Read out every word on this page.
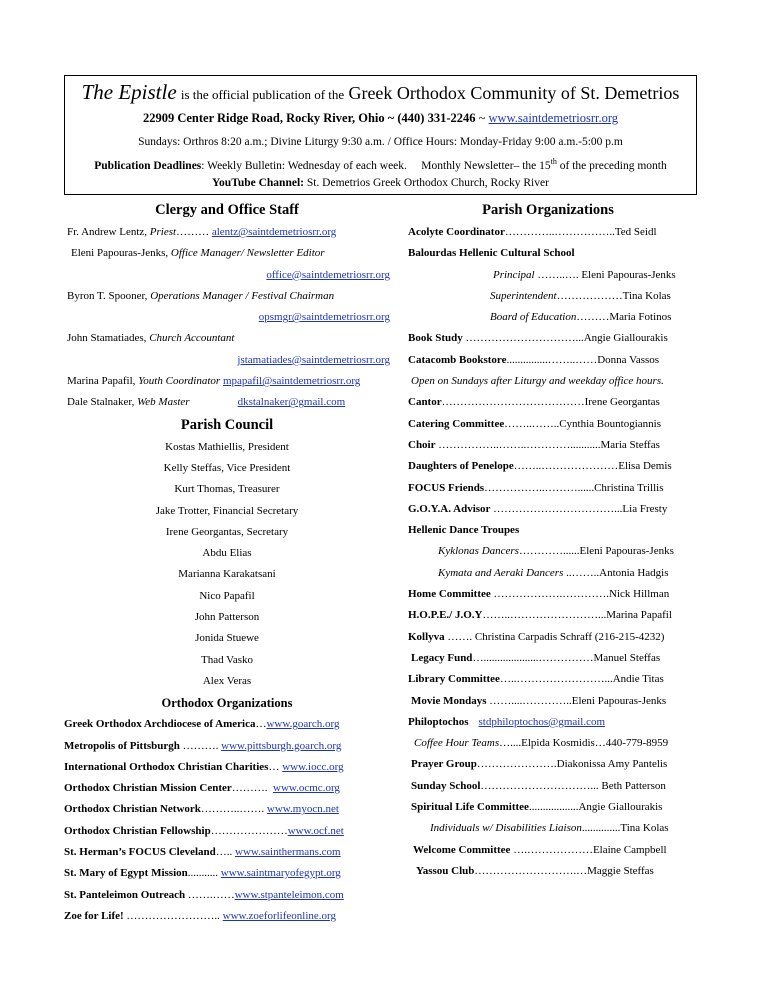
The Epistle is the official publication of the Greek Orthodox Community of St. Demetrios
22909 Center Ridge Road, Rocky River, Ohio ~ (440) 331-2246 ~ www.saintdemetriosrr.org
Sundays: Orthros 8:20 a.m.; Divine Liturgy 9:30 a.m. / Office Hours: Monday-Friday 9:00 a.m.-5:00 p.m
Publication Deadlines: Weekly Bulletin: Wednesday of each week.     Monthly Newsletter– the 15th of the preceding month
YouTube Channel: St. Demetrios Greek Orthodox Church, Rocky River
Clergy and Office Staff
Fr. Andrew Lentz, Priest……… alentz@saintdemetriosrr.org
Eleni Papouras-Jenks, Office Manager/ Newsletter Editor
office@saintdemetriosrr.org
Byron T. Spooner, Operations Manager / Festival Chairman
opsmgr@saintdemetriosrr.org
John Stamatiades, Church Accountant
jstamatiades@saintdemetriosrr.org
Marina Papafil, Youth Coordinator mpapafil@saintdemetriosrr.org
Dale Stalnaker, Web Master	dkstalnaker@gmail.com
Parish Council
Kostas Mathiellis, President
Kelly Steffas, Vice President
Kurt Thomas, Treasurer
Jake Trotter, Financial Secretary
Irene Georgantas, Secretary
Abdu Elias
Marianna Karakatsani
Nico Papafil
John Patterson
Jonida Stuewe
Thad Vasko
Alex Veras
Orthodox Organizations
Greek Orthodox Archdiocese of America…www.goarch.org
Metropolis of Pittsburgh ………. www.pittsburgh.goarch.org
International Orthodox Christian Charities… www.iocc.org
Orthodox Christian Mission Center……….  www.ocmc.org
Orthodox Christian Network………..……. www.myocn.net
Orthodox Christian Fellowship…………………www.ocf.net
St. Herman’s FOCUS Cleveland….. www.sainthermans.com
St. Mary of Egypt Mission........... www.saintmaryofegypt.org
St. Panteleimon Outreach …….……www.stpanteleimon.com
Zoe for Life! …………………….. www.zoeforlifeonline.org
Parish Organizations
Acolyte Coordinator…………..……………..Ted Seidl
Balourdas Hellenic Cultural School
Principal ……..…. Eleni Papouras-Jenks
Superintendent………………Tina Kolas
Board of Education………Maria Fotinos
Book Study …………………………...Angie Giallourakis
Catacomb Bookstore...............……..……Donna Vassos
Open on Sundays after Liturgy and weekday office hours.
Cantor…………………………………Irene Georgantas
Catering Committee……..……..Cynthia Bountogiannis
Choir ……………..……..…………...........Maria Steffas
Daughters of Penelope……..…………………Elisa Demis
FOCUS Friends……………..………......Christina Trillis
G.O.Y.A. Advisor ……………………………...Lia Fresty
Hellenic Dance Troupes
Kyklonas Dancers…………......Eleni Papouras-Jenks
Kymata and Aeraki Dancers ..……..Antonia Hadgis
Home Committee ……………….………….Nick Hillman
H.O.P.E./ J.O.Y……..……………………...Marina Papafil
Kollyva ……. Christina Carpadis Schraff (216-215-4232)
Legacy Fund…....................……………Manuel Steffas
Library Committee…..……………………...Andie Titas
Movie Mondays ……....…………..Eleni Papouras-Jenks
Philoptochos stdphiloptochos@gmail.com
Coffee Hour Teams…....Elpida Kosmidis…440-779-8959
Prayer Group………………….Diakonissa Amy Pantelis
Sunday School…………………………... Beth Patterson
Spiritual Life Committee..................Angie Giallourakis
Individuals w/ Disabilities Liaison..............Tina Kolas
Welcome Committee ….………………Elaine Campbell
Yassou Club……………………….…Maggie Steffas
